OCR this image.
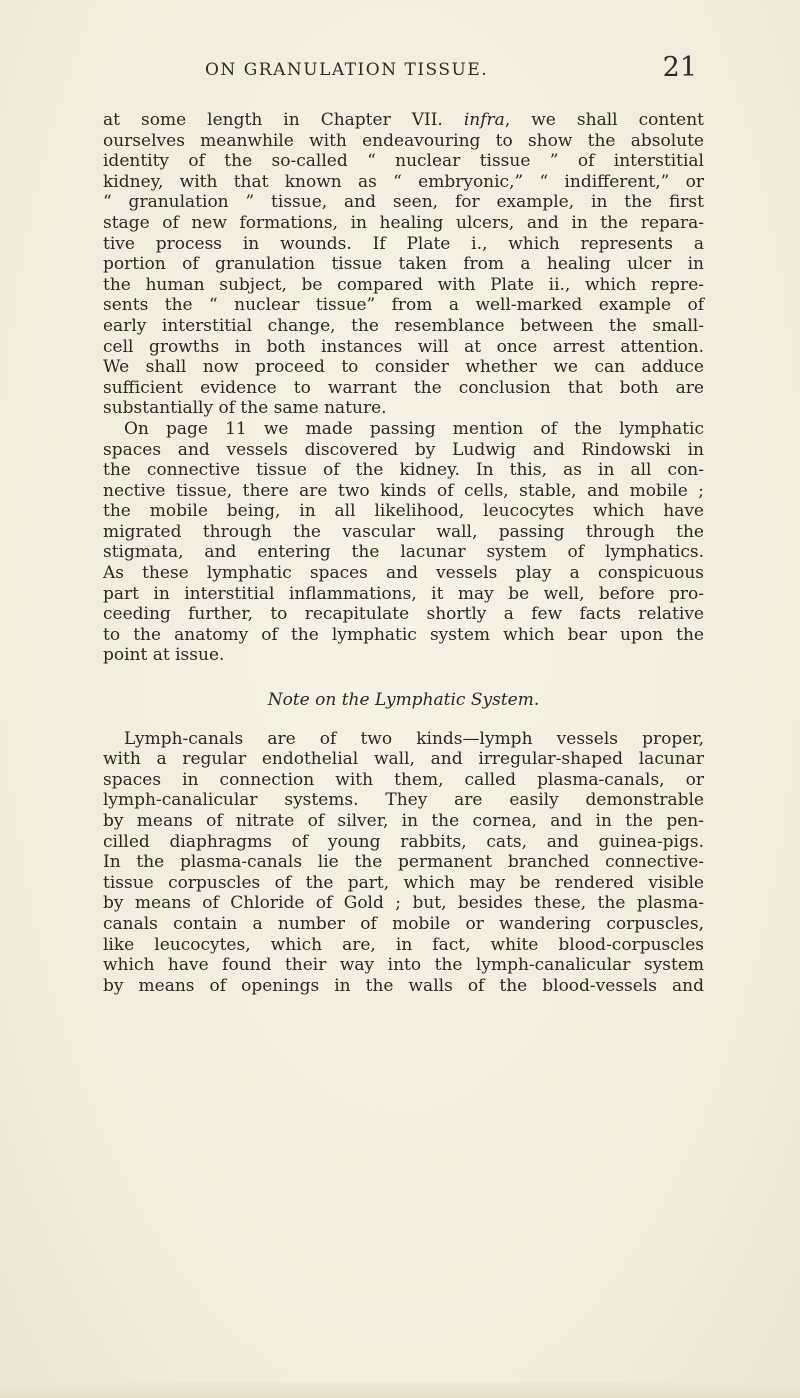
ON GRANULATION TISSUE.	21
at some length in Chapter VII. infra, we shall content
ourselves meanwhile with endeavouring to show the absolute
identity of the so-called “ nuclear tissue ” of interstitial
kidney, with that known as “ embryonic,” “ indifferent,” or
“ granulation ” tissue, and seen, for example, in the first
stage of new formations, in healing ulcers, and in the repara-
tive process in wounds. If Plate i., which represents a
portion of granulation tissue taken from a healing ulcer in
the human subject, be compared with Plate ii., which repre-
sents the “ nuclear tissue” from a well-marked example of
early interstitial change, the resemblance between the small-
cell growths in both instances will at once arrest attention.
We shall now proceed to consider whether we can adduce
sufficient evidence to warrant the conclusion that both are
substantially of the same nature.
On page 11 we made passing mention of the lymphatic
spaces and vessels discovered by Ludwig and Rindowski in
the connective tissue of the kidney. In this, as in all con-
nective tissue, there are two kinds of cells, stable, and mobile ;
the mobile being, in all likelihood, leucocytes which have
migrated through the vascular wall, passing through the
stigmata, and entering the lacunar system of lymphatics.
As these lymphatic spaces and vessels play a conspicuous
part in interstitial inflammations, it may be well, before pro-
ceeding further, to recapitulate shortly a few facts relative
to the anatomy of the lymphatic system which bear upon the
point at issue.
Note on the Lymphatic System.
Lymph-canals are of two kinds—lymph vessels proper,
with a regular endothelial wall, and irregular-shaped lacunar
spaces in connection with them, called plasma-canals, or
lymph-canalicular systems. They are easily demonstrable
by means of nitrate of silver, in the cornea, and in the pen-
cilled diaphragms of young rabbits, cats, and guinea-pigs.
In the plasma-canals lie the permanent branched connective-
tissue corpuscles of the part, which may be rendered visible
by means of Chloride of Gold ; but, besides these, the plasma-
canals contain a number of mobile or wandering corpuscles,
like leucocytes, which are, in fact, white blood-corpuscles
which have found their way into the lymph-canalicular system
by means of openings in the walls of the blood-vessels and
